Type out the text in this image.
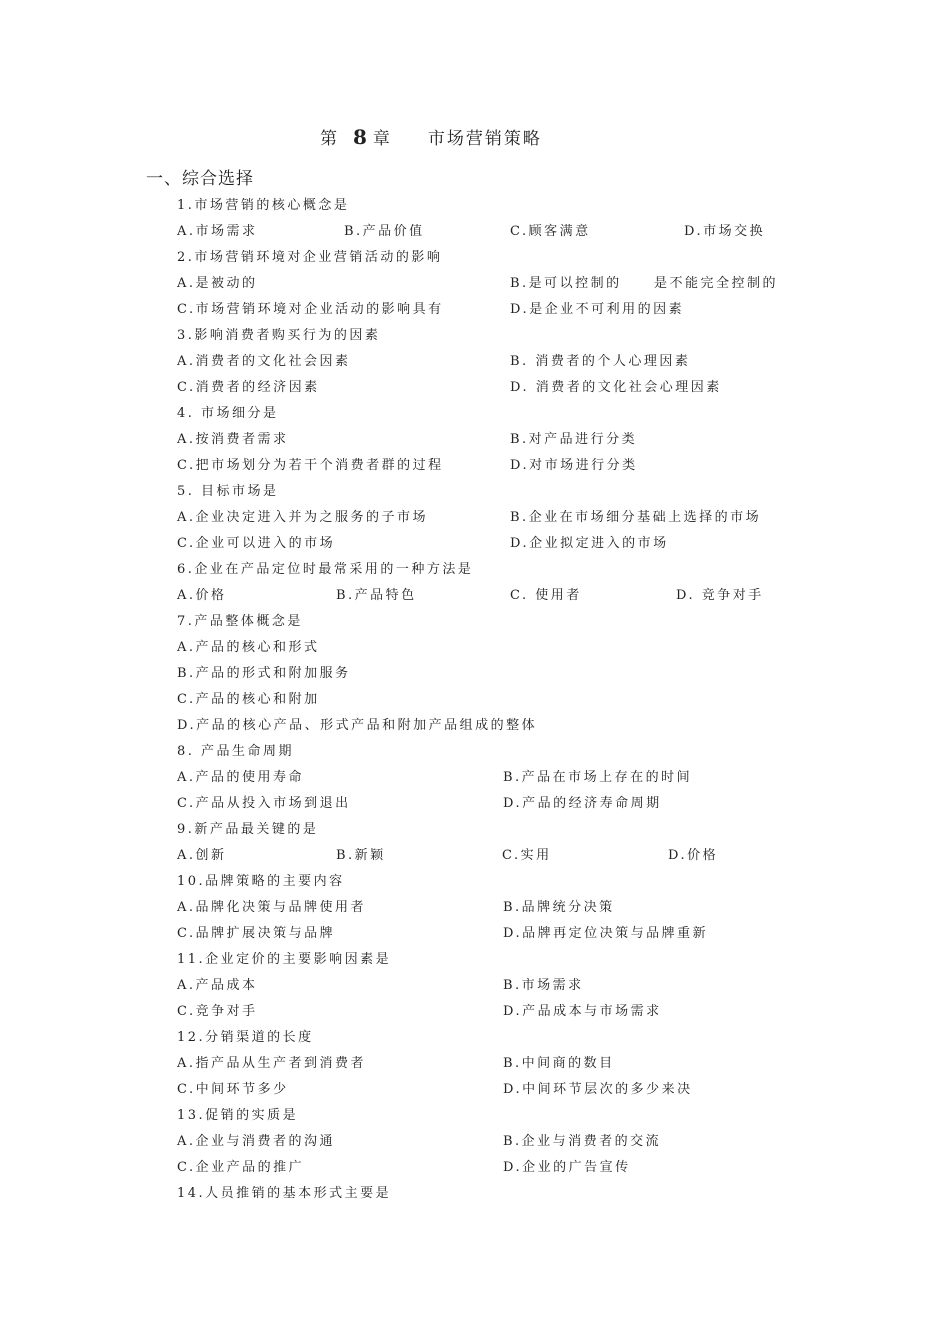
第 8 章 市场营销策略
一、综合选择
1.市场营销的核心概念是
A.市场需求	B.产品价值	C.顾客满意	D.市场交换
2.市场营销环境对企业营销活动的影响
A.是被动的	B.是可以控制的 是不能完全控制的
C.市场营销环境对企业活动的影响具有	D.是企业不可利用的因素
3.影响消费者购买行为的因素
A.消费者的文化社会因素	B. 消费者的个人心理因素
C.消费者的经济因素	D. 消费者的文化社会心理因素
4. 市场细分是
A.按消费者需求	B.对产品进行分类
C.把市场划分为若干个消费者群的过程	D.对市场进行分类
5. 目标市场是
A.企业决定进入并为之服务的子市场	B.企业在市场细分基础上选择的市场
C.企业可以进入的市场	D.企业拟定进入的市场
6.企业在产品定位时最常采用的一种方法是
A.价格	B.产品特色	C. 使用者	D. 竞争对手
7.产品整体概念是
A.产品的核心和形式
B.产品的形式和附加服务
C.产品的核心和附加
D.产品的核心产品、形式产品和附加产品组成的整体
8. 产品生命周期
A.产品的使用寿命	B.产品在市场上存在的时间
C.产品从投入市场到退出	D.产品的经济寿命周期
9.新产品最关键的是
A.创新	B.新颖	C.实用	D.价格
10.品牌策略的主要内容
A.品牌化决策与品牌使用者	B.品牌统分决策
C.品牌扩展决策与品牌	D.品牌再定位决策与品牌重新
11.企业定价的主要影响因素是
A.产品成本	B.市场需求
C.竞争对手	D.产品成本与市场需求
12.分销渠道的长度
A.指产品从生产者到消费者	B.中间商的数目
C.中间环节多少	D.中间环节层次的多少来决
13.促销的实质是
A.企业与消费者的沟通	B.企业与消费者的交流
C.企业产品的推广	D.企业的广告宣传
14.人员推销的基本形式主要是
